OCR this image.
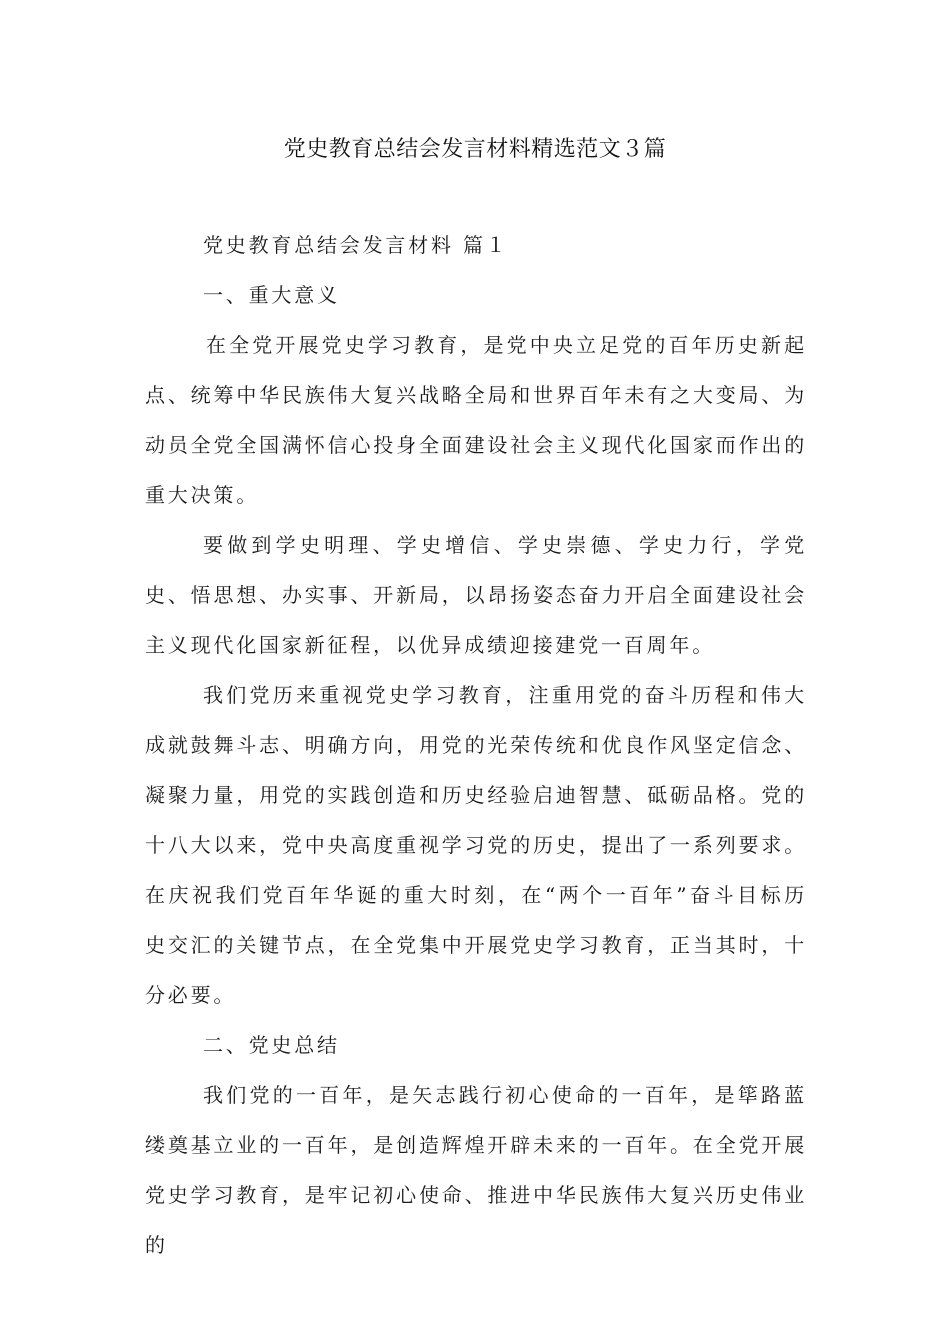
党史教育总结会发言材料精选范文３篇

党史教育总结会发言材料 篇１

一、重大意义

在全党开展党史学习教育，是党中央立足党的百年历史新起点、统筹中华民族伟大复兴战略全局和世界百年未有之大变局、为动员全党全国满怀信心投身全面建设社会主义现代化国家而作出的重大决策。

要做到学史明理、学史增信、学史崇德、学史力行，学党史、悟思想、办实事、开新局，以昂扬姿态奋力开启全面建设社会主义现代化国家新征程，以优异成绩迎接建党一百周年。

我们党历来重视党史学习教育，注重用党的奋斗历程和伟大成就鼓舞斗志、明确方向，用党的光荣传统和优良作风坚定信念、凝聚力量，用党的实践创造和历史经验启迪智慧、砥砺品格。党的十八大以来，党中央高度重视学习党的历史，提出了一系列要求。在庆祝我们党百年华诞的重大时刻，在“两个一百年”奋斗目标历史交汇的关键节点，在全党集中开展党史学习教育，正当其时，十分必要。

二、党史总结

我们党的一百年，是矢志践行初心使命的一百年，是筚路蓝缕奠基立业的一百年，是创造辉煌开辟未来的一百年。在全党开展党史学习教育，是牢记初心使命、推进中华民族伟大复兴历史伟业的
